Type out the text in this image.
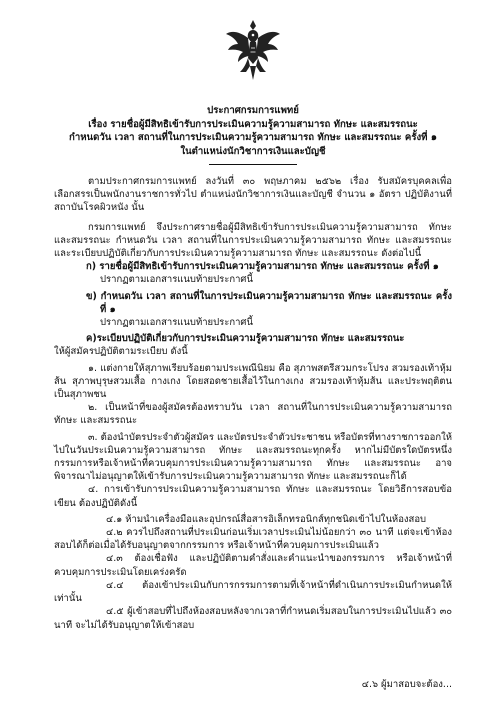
ประกาศกรมการแพทย์
เรื่อง รายชื่อผู้มีสิทธิเข้ารับการประเมินความรู้ความสามารถ ทักษะ และสมรรถนะ
กำหนดวัน เวลา สถานที่ในการประเมินความรู้ความสามารถ ทักษะ และสมรรถนะ ครั้งที่ ๑
ในตำแหน่งนักวิชาการเงินและบัญชี

ตามประกาศกรมการแพทย์ ลงวันที่ ๓๐ พฤษภาคม ๒๕๖๒ เรื่อง รับสมัครบุคคลเพื่อเลือกสรรเป็นพนักงานราชการทั่วไป ตำแหน่งนักวิชาการเงินและบัญชี จำนวน ๑ อัตรา ปฏิบัติงานที่สถาบันโรคผิวหนัง นั้น

กรมการแพทย์ จึงประกาศรายชื่อผู้มีสิทธิเข้ารับการประเมินความรู้ความสามารถ ทักษะ และสมรรถนะ กำหนดวัน เวลา สถานที่ในการประเมินความรู้ความสามารถ ทักษะ และสมรรถนะ และระเบียบปฏิบัติเกี่ยวกับการประเมินความรู้ความสามารถ ทักษะ และสมรรถนะ ดังต่อไปนี้

ก) รายชื่อผู้มีสิทธิเข้ารับการประเมินความรู้ความสามารถ ทักษะ และสมรรถนะ ครั้งที่ ๑

ปรากฏตามเอกสารแนบท้ายประกาศนี้

ข) กำหนดวัน เวลา สถานที่ในการประเมินความรู้ความสามารถ ทักษะ และสมรรถนะ ครั้งที่ ๑

ปรากฏตามเอกสารแนบท้ายประกาศนี้

ค)ระเบียบปฏิบัติเกี่ยวกับการประเมินความรู้ความสามารถ ทักษะ และสมรรถนะ

ให้ผู้สมัครปฏิบัติตามระเบียบ ดังนี้

๑. แต่งกายให้สุภาพเรียบร้อยตามประเพณีนิยม คือ สุภาพสตรีสวมกระโปรง สวมรองเท้าหุ้มส้น สุภาพบุรุษสวมเสื้อ กางเกง โดยสอดชายเสื้อไว้ในกางเกง สวมรองเท้าหุ้มส้น และประพฤติตนเป็นสุภาพชน

๒. เป็นหน้าที่ของผู้สมัครต้องทราบวัน เวลา สถานที่ในการประเมินความรู้ความสามารถ ทักษะ และสมรรถนะ

๓. ต้องนำบัตรประจำตัวผู้สมัคร และบัตรประจำตัวประชาชน หรือบัตรที่ทางราชการออกให้ไปในวันประเมินความรู้ความสามารถ ทักษะ และสมรรถนะทุกครั้ง หากไม่มีบัตรใดบัตรหนึ่ง กรรมการหรือเจ้าหน้าที่ควบคุมการประเมินความรู้ความสามารถ ทักษะ และสมรรถนะ อาจพิจารณาไม่อนุญาตให้เข้ารับการประเมินความรู้ความสามารถ ทักษะ และสมรรถนะก็ได้

๔. การเข้ารับการประเมินความรู้ความสามารถ ทักษะ และสมรรถนะ โดยวิธีการสอบข้อเขียน ต้องปฏิบัติดังนี้

๔.๑ ห้ามนำเครื่องมือและอุปกรณ์สื่อสารอิเล็กทรอนิกส์ทุกชนิดเข้าไปในห้องสอบ

๔.๒ ควรไปถึงสถานที่ประเมินก่อนเริ่มเวลาประเมินไม่น้อยกว่า ๓๐ นาที แต่จะเข้าห้องสอบได้ก็ต่อเมื่อได้รับอนุญาตจากกรรมการ หรือเจ้าหน้าที่ควบคุมการประเมินแล้ว

๔.๓ ต้องเชื่อฟัง และปฏิบัติตามคำสั่งและคำแนะนำของกรรมการ หรือเจ้าหน้าที่ควบคุมการประเมินโดยเคร่งครัด

๔.๔ ต้องเข้าประเมินกับการกรรมการตามที่เจ้าหน้าที่ดำเนินการประเมินกำหนดให้เท่านั้น

๔.๕ ผู้เข้าสอบที่ไปถึงห้องสอบหลังจากเวลาที่กำหนดเริ่มสอบในการประเมินไปแล้ว ๓๐ นาที จะไม่ได้รับอนุญาตให้เข้าสอบ

๔.๖ ผู้มาสอบจะต้อง...
